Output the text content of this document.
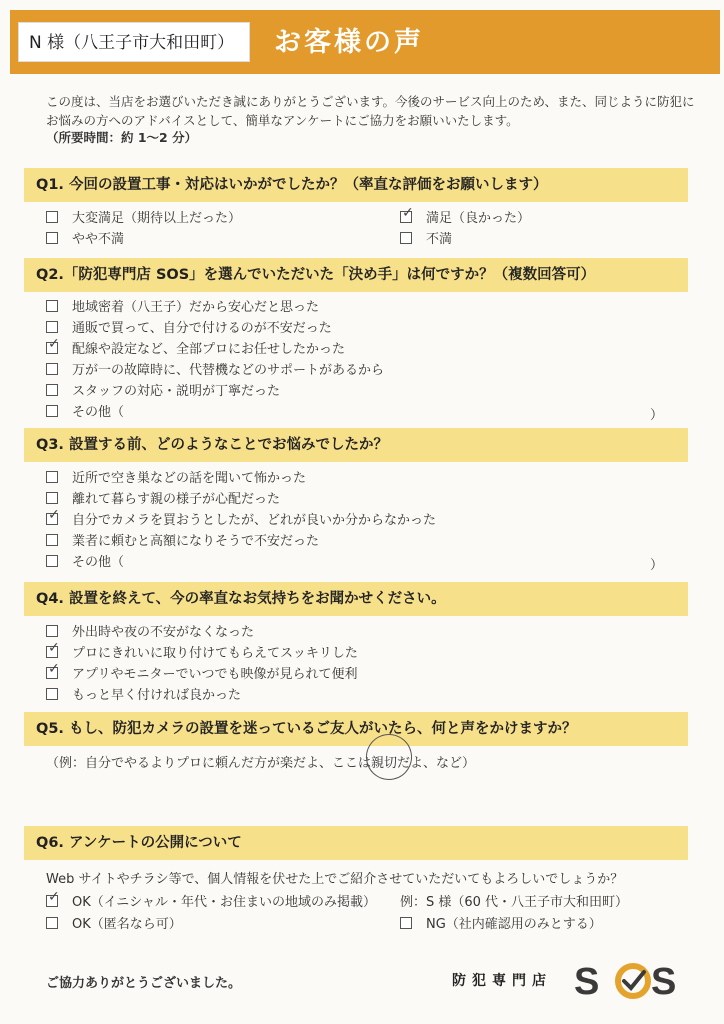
N 様（八王子市大和田町）	お客様の声
この度は、当店をお選びいただき誠にありがとうございます。今後のサービス向上のため、また、同じように防犯にお悩みの方へのアドバイスとして、簡単なアンケートにご協力をお願いいたします。
（所要時間：約 1〜2 分）
Q1. 今回の設置工事・対応はいかがでしたか？（率直な評価をお願いします）
大変満足（期待以上だった）	✓ 満足（良かった）
やや不満	不満
Q2.「防犯専門店 SOS」を選んでいただいた「決め手」は何ですか？（複数回答可）
地域密着（八王子）だから安心だと思った
通販で買って、自分で付けるのが不安だった
✓ 配線や設定など、全部プロにお任せしたかった
万が一の故障時に、代替機などのサポートがあるから
スタッフの対応・説明が丁寧だった
その他（	）
Q3. 設置する前、どのようなことでお悩みでしたか？
近所で空き巣などの話を聞いて怖かった
離れて暮らす親の様子が心配だった
✓ 自分でカメラを買おうとしたが、どれが良いか分からなかった
業者に頼むと高額になりそうで不安だった
その他（	）
Q4. 設置を終えて、今の率直なお気持ちをお聞かせください。
外出時や夜の不安がなくなった
✓ プロにきれいに取り付けてもらえてスッキリした
✓ アプリやモニターでいつでも映像が見られて便利
もっと早く付ければ良かった
Q5. もし、防犯カメラの設置を迷っているご友人がいたら、何と声をかけますか？
（例：自分でやるよりプロに頼んだ方が楽だよ、ここは親切だよ、など）
Q6. アンケートの公開について
Web サイトやチラシ等で、個人情報を伏せた上でご紹介させていただいてもよろしいでしょうか？
✓ OK（イニシャル・年代・お住まいの地域のみ掲載） 例：S 様（60 代・八王子市大和田町）
OK（匿名なら可）	NG（社内確認用のみとする）
ご協力ありがとうございました。	防犯専門店 S S
